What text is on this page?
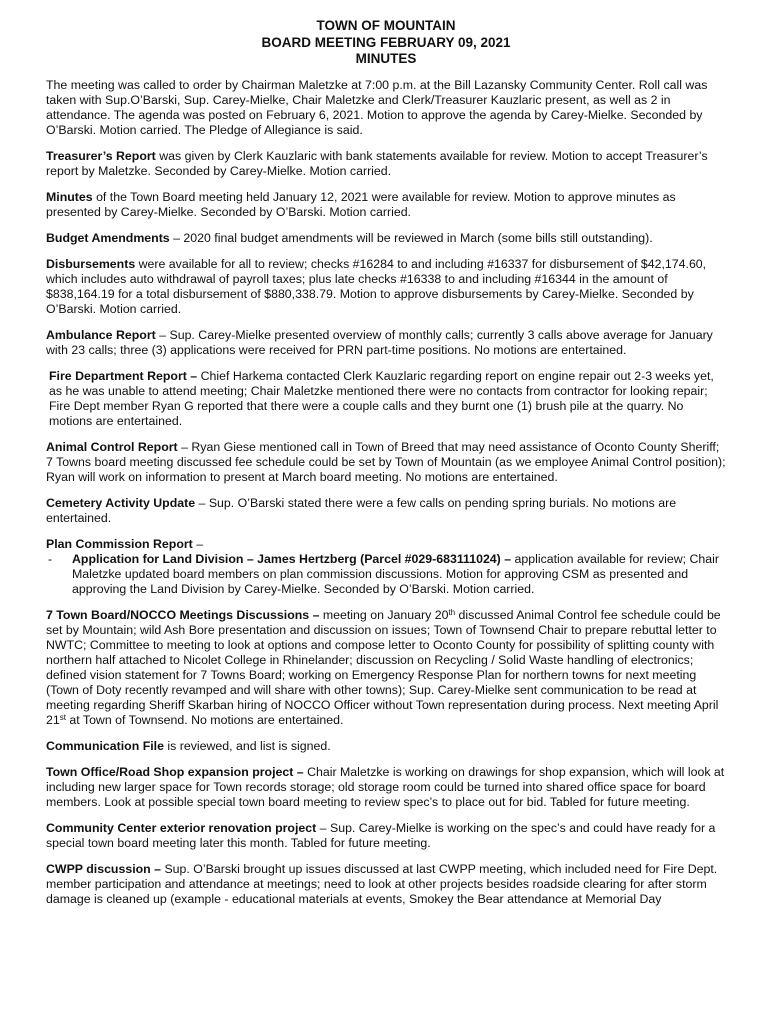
TOWN OF MOUNTAIN
BOARD MEETING FEBRUARY 09, 2021
MINUTES

The meeting was called to order by Chairman Maletzke at 7:00 p.m. at the Bill Lazansky Community Center. Roll call was taken with Sup.O’Barski, Sup. Carey-Mielke, Chair Maletzke and Clerk/Treasurer Kauzlaric present, as well as 2 in attendance. The agenda was posted on February 6, 2021. Motion to approve the agenda by Carey-Mielke. Seconded by O’Barski. Motion carried. The Pledge of Allegiance is said.

Treasurer’s Report was given by Clerk Kauzlaric with bank statements available for review. Motion to accept Treasurer’s report by Maletzke. Seconded by Carey-Mielke. Motion carried.

Minutes of the Town Board meeting held January 12, 2021 were available for review. Motion to approve minutes as presented by Carey-Mielke. Seconded by O’Barski. Motion carried.

Budget Amendments – 2020 final budget amendments will be reviewed in March (some bills still outstanding).

Disbursements were available for all to review; checks #16284 to and including #16337 for disbursement of $42,174.60, which includes auto withdrawal of payroll taxes; plus late checks #16338 to and including #16344 in the amount of $838,164.19 for a total disbursement of $880,338.79. Motion to approve disbursements by Carey-Mielke. Seconded by O’Barski. Motion carried.

Ambulance Report – Sup. Carey-Mielke presented overview of monthly calls; currently 3 calls above average for January with 23 calls; three (3) applications were received for PRN part-time positions. No motions are entertained.

Fire Department Report – Chief Harkema contacted Clerk Kauzlaric regarding report on engine repair out 2-3 weeks yet, as he was unable to attend meeting; Chair Maletzke mentioned there were no contacts from contractor for looking repair; Fire Dept member Ryan G reported that there were a couple calls and they burnt one (1) brush pile at the quarry. No motions are entertained.

Animal Control Report – Ryan Giese mentioned call in Town of Breed that may need assistance of Oconto County Sheriff; 7 Towns board meeting discussed fee schedule could be set by Town of Mountain (as we employee Animal Control position); Ryan will work on information to present at March board meeting. No motions are entertained.

Cemetery Activity Update – Sup. O’Barski stated there were a few calls on pending spring burials. No motions are entertained.

Plan Commission Report –
-	Application for Land Division – James Hertzberg (Parcel #029-683111024) – application available for review; Chair Maletzke updated board members on plan commission discussions. Motion for approving CSM as presented and approving the Land Division by Carey-Mielke. Seconded by O’Barski. Motion carried.

7 Town Board/NOCCO Meetings Discussions – meeting on January 20th discussed Animal Control fee schedule could be set by Mountain; wild Ash Bore presentation and discussion on issues; Town of Townsend Chair to prepare rebuttal letter to NWTC; Committee to meeting to look at options and compose letter to Oconto County for possibility of splitting county with northern half attached to Nicolet College in Rhinelander; discussion on Recycling / Solid Waste handling of electronics; defined vision statement for 7 Towns Board; working on Emergency Response Plan for northern towns for next meeting (Town of Doty recently revamped and will share with other towns); Sup. Carey-Mielke sent communication to be read at meeting regarding Sheriff Skarban hiring of NOCCO Officer without Town representation during process. Next meeting April 21st at Town of Townsend. No motions are entertained.

Communication File is reviewed, and list is signed.

Town Office/Road Shop expansion project – Chair Maletzke is working on drawings for shop expansion, which will look at including new larger space for Town records storage; old storage room could be turned into shared office space for board members. Look at possible special town board meeting to review spec’s to place out for bid. Tabled for future meeting.

Community Center exterior renovation project – Sup. Carey-Mielke is working on the spec’s and could have ready for a special town board meeting later this month. Tabled for future meeting.

CWPP discussion – Sup. O’Barski brought up issues discussed at last CWPP meeting, which included need for Fire Dept. member participation and attendance at meetings; need to look at other projects besides roadside clearing for after storm damage is cleaned up (example - educational materials at events, Smokey the Bear attendance at Memorial Day
